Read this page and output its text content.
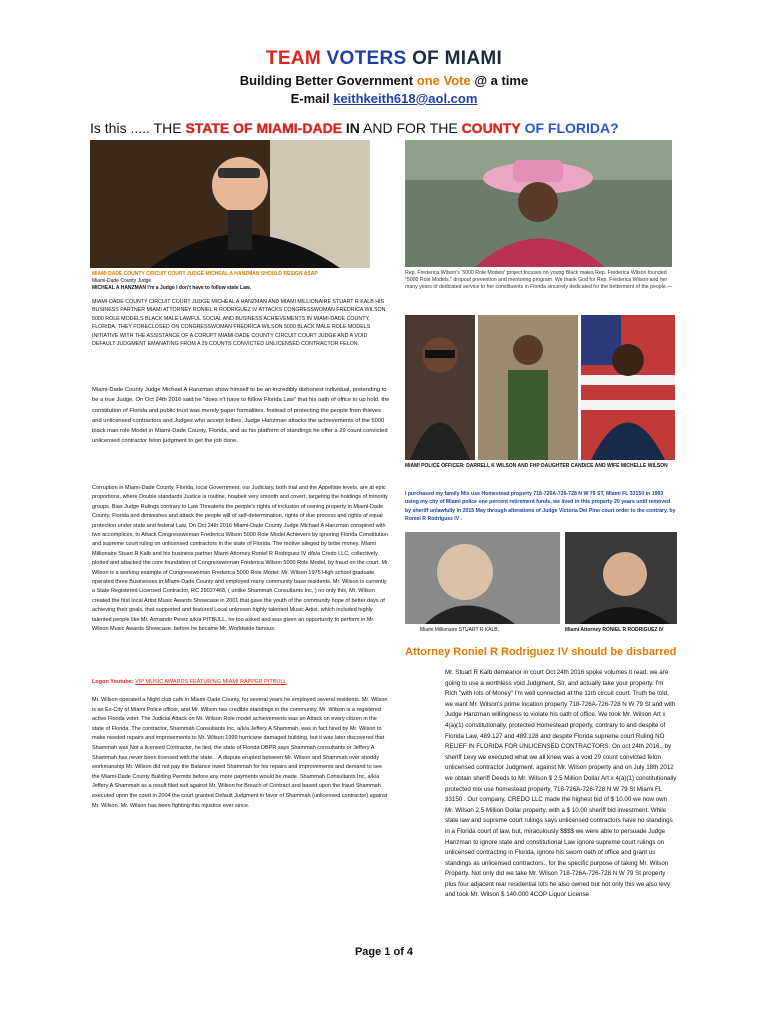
TEAM VOTERS OF MIAMI
Building Better Government one Vote @ a time
E-mail keithkeith618@aol.com
Is this ..... THE STATE OF MIAMI-DADE IN AND FOR THE COUNTY OF FLORIDA?
MIAMI DADE COUNTY CIRCUIT COURT JUDGE MICHEAL A HANZMAN SHOULD RESIGN ASAP
Miami-Dade County Judge
MICHEAL A HANZMAN I'm a Judge I don't have to follow state Law.
MIAMI-DADE COUNTY CIRCUIT COURT JUDGE MICHEAL A HANZMAN AND MIAMI MILLIONAIRE STUART R KALB HIS BUSINESS PARTNER MIAMI ATTORNEY RONIEL R RODRIGUEZ IV ATTACKS CONGRESSWOMAN FREDRICA WILSON 5000 ROLE MODELS BLACK MALE LAWFUL SOCIAL AND BUSINESS ACHIEVEMENTS IN MIAMI-DADE COUNTY, FLORIDA. THEY FORECLOSED ON CONGRESSWOMAN FREDRICA WILSON 5000 BLACK MALE ROLE MODELS INITIATIVE WITH THE ASSISTANCE OF A CORUPT MIAMI-DADE COUNTY CIRCUIT COURT JUDGE AND A VOID DEFAULT JUDGMENT EMANATING FROM A 29 COUNTS CONVICTED UNLICENSED CONTRACTOR FELON.
Miami-Dade County Judge Michael A Hanzman show himself to be an incredibly dishonest individual, pretending to be a true Judge. On Oct 24th 2016 said he "does n't have to follow Florida Law" that his oath of office to up hold, the constitution of Florida and public trust was merely paper formalities. Instead of protecting the people from thieves and unlicensed contractors and Judges who accept bribes, Judge Hanzman attacks the achievements of the 5000 black man role Model in Miami-Dade County, Florida, and as his platform of standings he offer a 29 count convicted unlicensed contractor felon judgment to get the job done.
Corruption in Miami-Dade County, Florida, local Government, our Judiciary, both trial and the Appellate levels, are at epic proportions, where Double standards Justice is routine, howbeit very smooth and covert, targeting the holdings of minority groups. Bias Judge Rulings contrary to Law Threatens the people's rights of inclusion of owning property in Miami-Dade County, Florida and diminishes and attack the people will of self-determination, rights of due process and rights of equal protection under state and federal Law. On Oct 24th 2016 Miami-Dade County Judge Michael A Hanzman conspired with two accomplices, to Attack Congresswoman Frederica Wilson 5000 Role Model Achievers by ignoring Florida Constitution and supreme court ruling on unlicensed contractors in the state of Florida. The motive alleged by bribe money. Miami Millionaire Stuart R Kalb and his business partner Miami Attorney Roniel R Rodriguez IV d/b/a Credo LLC, collectively plotted and attacked the core foundation of Congresswoman Frederica Wilson 5000 Role Model, by fraud on the court. Mr. Wilson is a working example of Congresswoman Frederica 5000 Role Model: Mr. Wilson 1975 High school graduate operated three Businesses in Miami-Dade County and employed many community base residents. Mr. Wilson is currently a State Registered Licensed Contractor, RC 29027468, ( unlike Shammah Consultants Inc, ) no only this, Mr. Wilson created the first local Artist Music Awards Showcase in 2001 that gave the youth of the community hope of better days of achieving their goals, that supported and featured Local unknown highly talented Music Artist, which included highly talented people like Mr. Armando Perez a/k/a PITBULL, he too asked and was given an opportunity to perform in Mr. Wilson Music Awards Showcase, before he became Mr. Worldwide famous.
Logon Youtube: VIP MUSIC AWARDS FEATURING MIAMI RAPPER PITBULL
Mr. Wilson operated a Night club cafe in Miami-Dade County, for several years he employed several residents. Mr. Wilson is an Ex-City of Miami Police officer, and Mr. Wilson has credible standings in the community, Mr. Wilson is a registered active Florida voter. The Judicial Attack on Mr. Wilson Role model achievements was an Attack on every citizen in the state of Florida. The contractor, Shammah Consultants Inc, a/k/a Jeffery A Shammah, was in fact hired by Mr. Wilson to make needed repairs and improvements to Mr. Wilson 1999 hurricane damaged building, but it was later discovered that Shammah was Not a licensed Contractor, he lied, the state of Florida DBPR says Shammah consultants or Jeffery A Shammah has never been licensed with the state... A dispute erupted between Mr. Wilson and Shammah over shoddy workmanship Mr. Wilson did not pay the Balance owed Shammah for his repairs and improvements and demand to see the Miami-Dade County Building Permits before any more payments would be made. Shammah Consultants Inc, a/k/a Jeffery A Shammah as a result filed suit against Mr. Wilson for Breach of Contract and based upon the fraud Shammah executed upon the court in 2004 the court granted Default Judgment in favor of Shammah (unlicensed contractor) against Mr. Wilson. Mr. Wilson has been fighting this injustice ever since.
Rep. Frederica Wilson's '5000 Role Models' project focuses on young Black males Rep. Frederica Wilson founded "5000 Role Models," dropout prevention and mentoring program. We thank God for Rep. Frederica Wilson and her many years of dedicated service to her constituents in Florida sincerely dedicated for the betterment of the people.—
MIAMI POLICE OFFICER: DARRELL K WILSON AND FHP DAUGHTER CANDICE AND WIFE MICHELLE WILSON
I purchased my family Mix use Homestead property 718-726A-726-728 N W 79 ST, Miami FL 33150 in 1993 using my city of Miami police one percent retirement funds, we lived in this property 20 years until removed by sheriff unlawfully in 2015 May through alterations of Judge Victoria Del Pino court order to the contrary, by Roniel R Rodriguez IV .
Miami Millionaire STUART R KALB,	Miami Attorney RONIEL R RODRIGUEZ IV
Attorney Roniel R Rodriguez IV should be disbarred
Mr. Stuart R Kalb demeanor in court Oct 24th 2016 spoke volumes it read: we are going to use a worthless void Judgment, Sir, and actually take your property. I'm Rich "with lots of Money" I'm well connected at the 11th circuit court. Truth be told, we want Mr. Wilson's prime location property 718-726A-726-728 N W 79 St and with Judge Hanzman willingness to violate his oath of office. We took Mr. Wilson Art x 4(a)(1) constitutionally, protected Homestead property, contrary to and despite of Florida Law, 489.127 and 489.128 and despite Florida supreme court Ruling NO RELIEF IN FLORIDA FOR UNLICENSED CONTRACTORS. On oct 24th 2016., by sheriff Levy we executed what we all knew was a void 29 count convicted felon unlicensed contractor Judgment, against Mr. Wilson property and on July 18th 2012 we obtain sheriff Deeds to Mr. Wilson $ 2.5 Million Dollar Art x 4(a)(1) constitutionally protected mix use homestead property, 718-726A-726-728 N W 79 St Miami FL 33150 . Our company, CREDO LLC made the highest bid of $ 10.00 we now own Mr. Wilson 2.5 Million Dollar property, with a $ 10.00 sheriff bid investment. While state law and supreme court rulings says unlicensed contractors have no standings in a Florida court of law, but, miraculously $$$$ we were able to persuade Judge Hanzman to ignore state and constitutional Law ignore supreme court rulings on unlicensed contracting in Florida, ignore his sworn oath of office and grant us standings as unlicensed contractors., for the specific purpose of taking Mr. Wilson Property. Not only did we take Mr. Wilson 718-726A-726-728 N W 79 St property plus four adjacent rear residential lots he also owned but not only this we also levy and took Mr. Wilson $ 140.000 4COP Liquor License
Page 1 of 4
